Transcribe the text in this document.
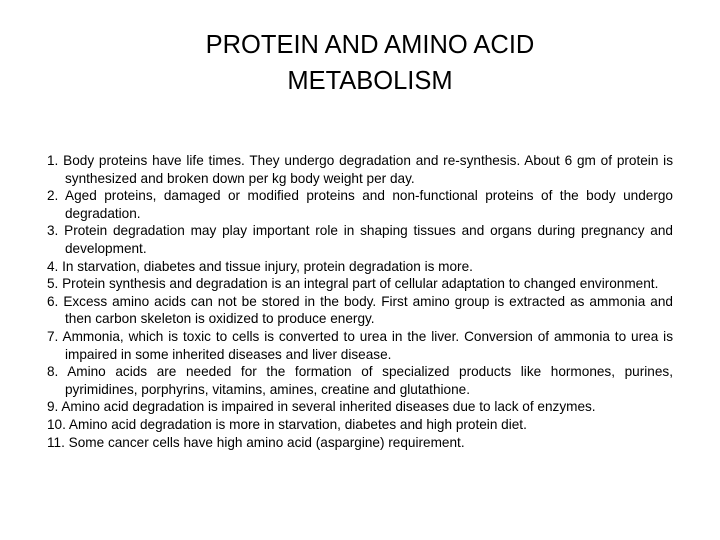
PROTEIN AND AMINO ACID
METABOLISM
1. Body proteins have life times. They undergo degradation and re-synthesis. About 6 gm of protein is synthesized and broken down per kg body weight per day.
2. Aged proteins, damaged or modified proteins and non-functional proteins of the body undergo degradation.
3. Protein degradation may play important role in shaping tissues and organs during pregnancy and development.
4. In starvation, diabetes and tissue injury, protein degradation is more.
5. Protein synthesis and degradation is an integral part of cellular adaptation to changed environment.
6. Excess amino acids can not be stored in the body. First amino group is extracted as ammonia and then carbon skeleton is oxidized to produce energy.
7. Ammonia, which is toxic to cells is converted to urea in the liver. Conversion of ammonia to urea is impaired in some inherited diseases and liver disease.
8. Amino acids are needed for the formation of specialized products like hormones, purines, pyrimidines, porphyrins, vitamins, amines, creatine and glutathione.
9. Amino acid degradation is impaired in several inherited diseases due to lack of enzymes.
10. Amino acid degradation is more in starvation, diabetes and high protein diet.
11. Some cancer cells have high amino acid (aspargine) requirement.
